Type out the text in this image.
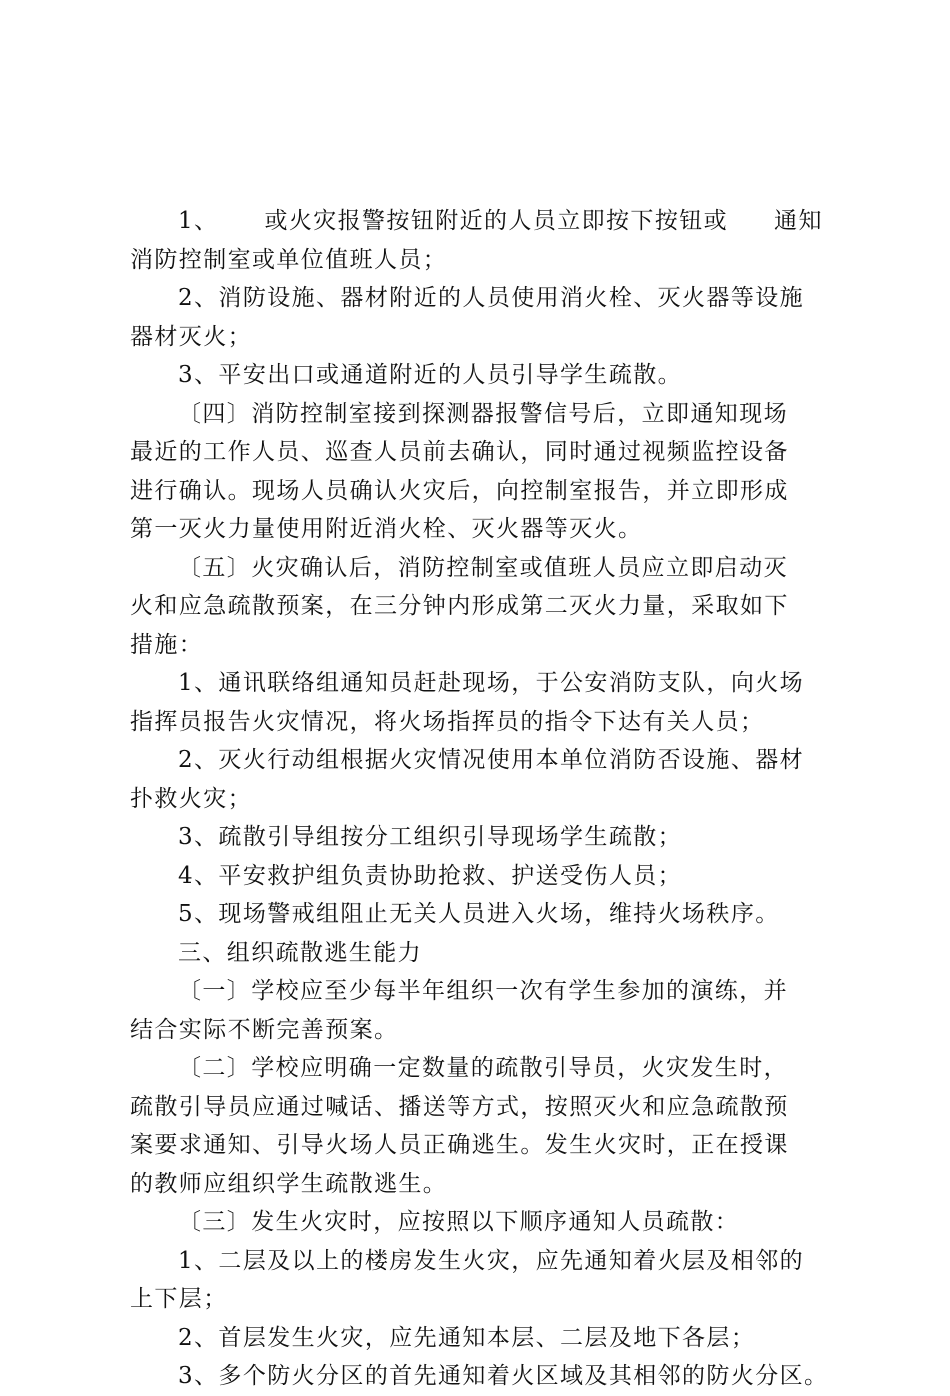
1、 或火灾报警按钮附近的人员立即按下按钮或 通知
消防控制室或单位值班人员；
2、消防设施、器材附近的人员使用消火栓、灭火器等设施
器材灭火；
3、平安出口或通道附近的人员引导学生疏散。
〔四〕消防控制室接到探测器报警信号后，立即通知现场
最近的工作人员、巡查人员前去确认，同时通过视频监控设备
进行确认。现场人员确认火灾后，向控制室报告，并立即形成
第一灭火力量使用附近消火栓、灭火器等灭火。
〔五〕火灾确认后，消防控制室或值班人员应立即启动灭
火和应急疏散预案，在三分钟内形成第二灭火力量，采取如下
措施：
1、通讯联络组通知员赶赴现场，于公安消防支队，向火场
指挥员报告火灾情况，将火场指挥员的指令下达有关人员；
2、灭火行动组根据火灾情况使用本单位消防否设施、器材
扑救火灾；
3、疏散引导组按分工组织引导现场学生疏散；
4、平安救护组负责协助抢救、护送受伤人员；
5、现场警戒组阻止无关人员进入火场，维持火场秩序。
三、组织疏散逃生能力
〔一〕学校应至少每半年组织一次有学生参加的演练，并
结合实际不断完善预案。
〔二〕学校应明确一定数量的疏散引导员，火灾发生时，
疏散引导员应通过喊话、播送等方式，按照灭火和应急疏散预
案要求通知、引导火场人员正确逃生。发生火灾时，正在授课
的教师应组织学生疏散逃生。
〔三〕发生火灾时，应按照以下顺序通知人员疏散：
1、二层及以上的楼房发生火灾，应先通知着火层及相邻的
上下层；
2、首层发生火灾，应先通知本层、二层及地下各层；
3、多个防火分区的首先通知着火区域及其相邻的防火分区。
